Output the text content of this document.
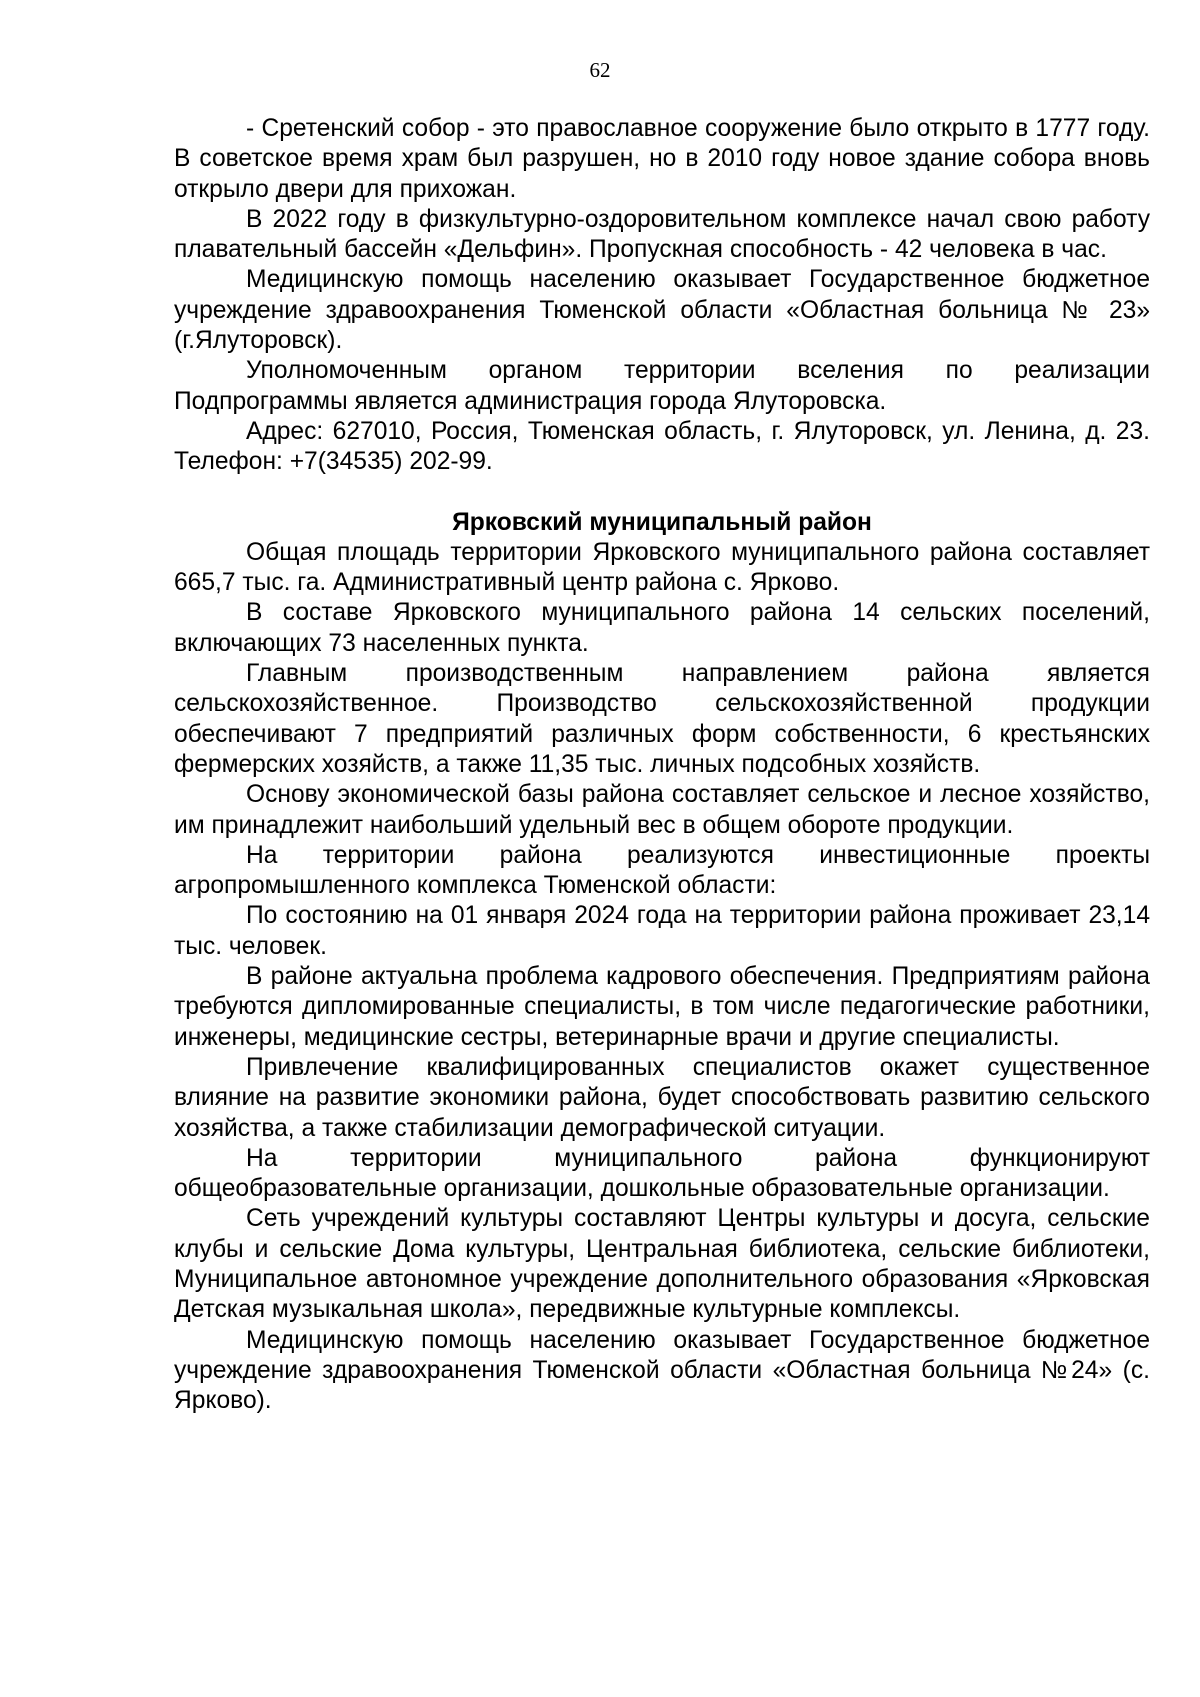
62

- Сретенский собор - это православное сооружение было открыто в 1777 году. В советское время храм был разрушен, но в 2010 году новое здание собора вновь открыло двери для прихожан.

В 2022 году в физкультурно-оздоровительном комплексе начал свою работу плавательный бассейн «Дельфин». Пропускная способность - 42 человека в час.

Медицинскую помощь населению оказывает Государственное бюджетное учреждение здравоохранения Тюменской области «Областная больница № 23» (г.Ялуторовск).

Уполномоченным органом территории вселения по реализации Подпрограммы является администрация города Ялуторовска.

Адрес: 627010, Россия, Тюменская область, г. Ялуторовск, ул. Ленина, д. 23. Телефон: +7(34535) 202-99.

Ярковский муниципальный район

Общая площадь территории Ярковского муниципального района составляет 665,7 тыс. га. Административный центр района с. Ярково.

В составе Ярковского муниципального района 14 сельских поселений, включающих 73 населенных пункта.

Главным производственным направлением района является сельскохозяйственное. Производство сельскохозяйственной продукции обеспечивают 7 предприятий различных форм собственности, 6 крестьянских фермерских хозяйств, а также 11,35 тыс. личных подсобных хозяйств.

Основу экономической базы района составляет сельское и лесное хозяйство, им принадлежит наибольший удельный вес в общем обороте продукции.

На территории района реализуются инвестиционные проекты агропромышленного комплекса Тюменской области:

По состоянию на 01 января 2024 года на территории района проживает 23,14 тыс. человек.

В районе актуальна проблема кадрового обеспечения. Предприятиям района требуются дипломированные специалисты, в том числе педагогические работники, инженеры, медицинские сестры, ветеринарные врачи и другие специалисты.

Привлечение квалифицированных специалистов окажет существенное влияние на развитие экономики района, будет способствовать развитию сельского хозяйства, а также стабилизации демографической ситуации.

На территории муниципального района функционируют общеобразовательные организации, дошкольные образовательные организации.

Сеть учреждений культуры составляют Центры культуры и досуга, сельские клубы и сельские Дома культуры, Центральная библиотека, сельские библиотеки, Муниципальное автономное учреждение дополнительного образования «Ярковская Детская музыкальная школа», передвижные культурные комплексы.

Медицинскую помощь населению оказывает Государственное бюджетное учреждение здравоохранения Тюменской области «Областная больница №24» (с. Ярково).
